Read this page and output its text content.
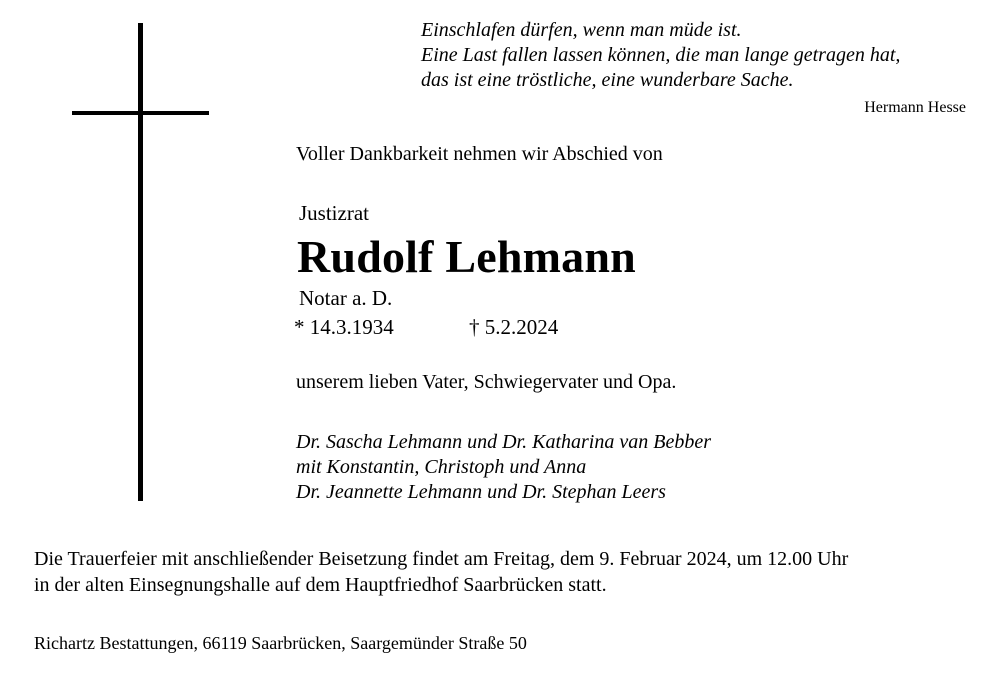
Einschlafen dürfen, wenn man müde ist.
Eine Last fallen lassen können, die man lange getragen hat,
das ist eine tröstliche, eine wunderbare Sache.
Hermann Hesse
Voller Dankbarkeit nehmen wir Abschied von
Justizrat
Rudolf Lehmann
Notar a. D.
* 14.3.1934	† 5.2.2024
unserem lieben Vater, Schwiegervater und Opa.
Dr. Sascha Lehmann und Dr. Katharina van Bebber
mit Konstantin, Christoph und Anna
Dr. Jeannette Lehmann und Dr. Stephan Leers
Die Trauerfeier mit anschließender Beisetzung findet am Freitag, dem 9. Februar 2024, um 12.00 Uhr
in der alten Einsegnungshalle auf dem Hauptfriedhof Saarbrücken statt.
Richartz Bestattungen, 66119 Saarbrücken, Saargemünder Straße 50
